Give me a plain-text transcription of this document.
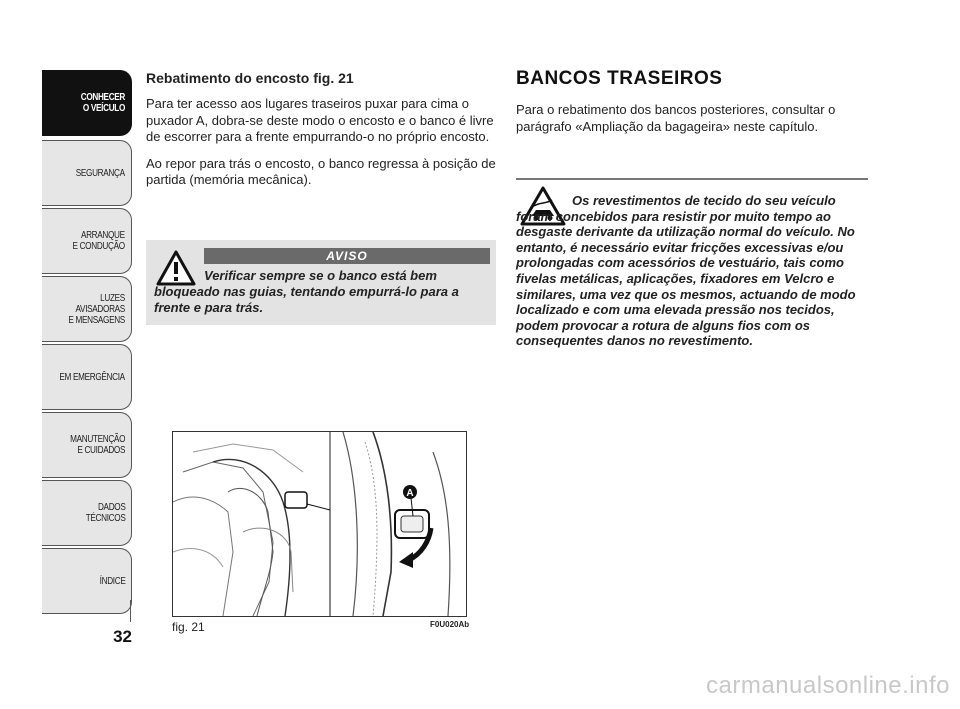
CONHECER
O VEÍCULO
SEGURANÇA
ARRANQUE
E CONDUÇÃO
LUZES
AVISADORAS
E MENSAGENS
EM EMERGÊNCIA
MANUTENÇÃO
E CUIDADOS
DADOS
TÉCNICOS
ÍNDICE
32

Rebatimento do encosto fig. 21

Para ter acesso aos lugares traseiros puxar para cima o puxador A, dobra-se deste modo o encosto e o banco é livre de escorrer para a frente empurrando-o no próprio encosto.

Ao repor para trás o encosto, o banco regressa à posição de partida (memória mecânica).

AVISO
Verificar sempre se o banco está bem bloqueado nas guias, tentando empurrá-lo para a frente e para trás.
A
fig. 21	F0U020Ab

BANCOS TRASEIROS

Para o rebatimento dos bancos posteriores, consultar o parágrafo «Ampliação da bagageira» neste capítulo.

Os revestimentos de tecido do seu veículo foram concebidos para resistir por muito tempo ao desgaste derivante da utilização normal do veículo. No entanto, é necessário evitar fricções excessivas e/ou prolongadas com acessórios de vestuário, tais como fivelas metálicas, aplicações, fixadores em Velcro e similares, uma vez que os mesmos, actuando de modo localizado e com uma elevada pressão nos tecidos, podem provocar a rotura de alguns fios com os consequentes danos no revestimento.
carmanualsonline.info
